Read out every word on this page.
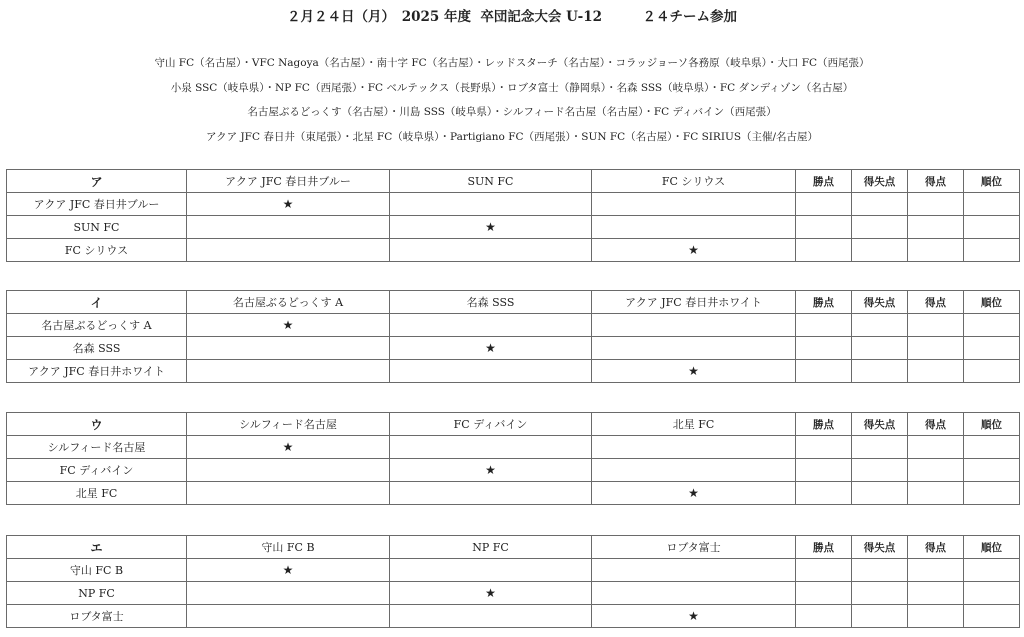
２月２４日（月）　2025 年度  卒団記念大会 U-12　　　２４チーム参加
守山 FC（名古屋）・VFC Nagoya（名古屋）・南十字 FC（名古屋）・レッドスターチ（名古屋）・コラッジョーソ各務原（岐阜県）・大口 FC（西尾張）
小泉 SSC（岐阜県）・NP FC（西尾張）・FC ベルテックス（長野県）・ロブタ富士（静岡県）・名森 SSS（岐阜県）・FC ダンディゾン（名古屋）
名古屋ぶるどっくす（名古屋）・川島 SSS（岐阜県）・シルフィード名古屋（名古屋）・FC ディバイン（西尾張）
アクア JFC 春日井（東尾張）・北星 FC（岐阜県）・Partigiano FC（西尾張）・SUN FC（名古屋）・FC SIRIUS（主催/名古屋）
ア	アクア JFC 春日井ブルー	SUN FC	FC シリウス	勝点	得失点	得点	順位
アクア JFC 春日井ブルー	★						
SUN FC		★					
FC シリウス			★				
イ	名古屋ぶるどっくす A	名森 SSS	アクア JFC 春日井ホワイト	勝点	得失点	得点	順位
名古屋ぶるどっくす A	★						
名森 SSS		★					
アクア JFC 春日井ホワイト			★				
ウ	シルフィード名古屋	FC ディバイン	北星 FC	勝点	得失点	得点	順位
シルフィード名古屋	★						
FC ディバイン		★					
北星 FC			★				
エ	守山 FC B	NP FC	ロブタ富士	勝点	得失点	得点	順位
守山 FC B	★						
NP FC		★					
ロブタ富士			★				
